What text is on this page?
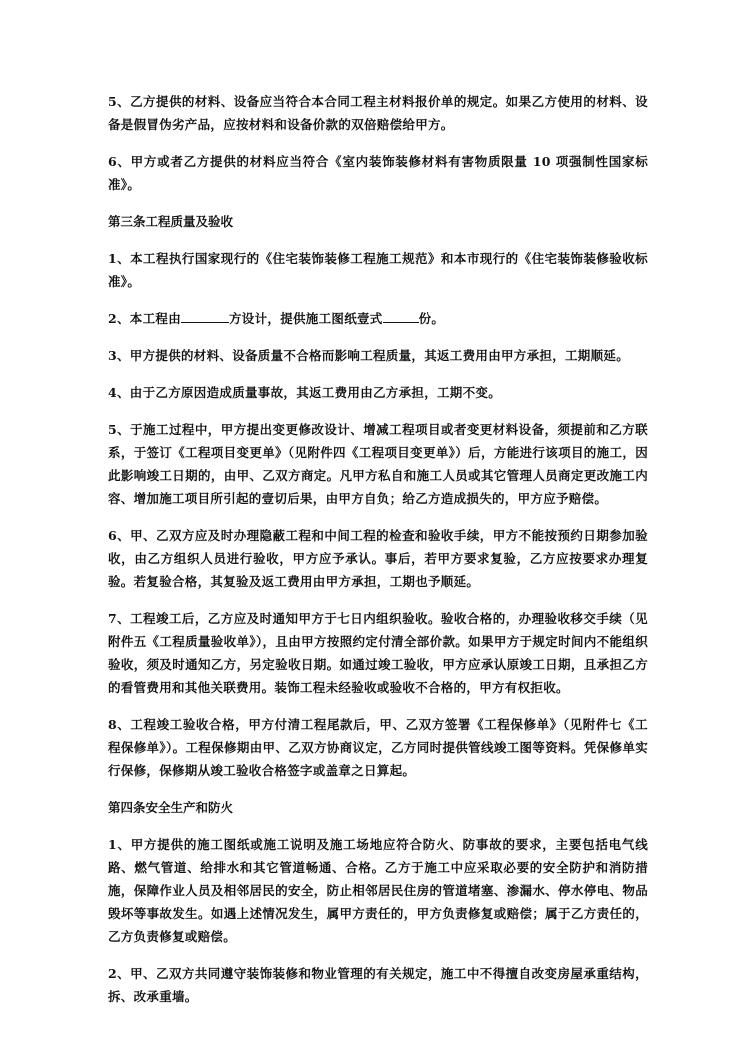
5、乙方提供的材料、设备应当符合本合同工程主材料报价单的规定。如果乙方使用的材料、设备是假冒伪劣产品，应按材料和设备价款的双倍赔偿给甲方。

6、甲方或者乙方提供的材料应当符合《室内装饰装修材料有害物质限量 10 项强制性国家标准》。

第三条工程质量及验收

1、本工程执行国家现行的《住宅装饰装修工程施工规范》和本市现行的《住宅装饰装修验收标准》。

2、本工程由	方设计，提供施工图纸壹式	份。

3、甲方提供的材料、设备质量不合格而影响工程质量，其返工费用由甲方承担，工期顺延。

4、由于乙方原因造成质量事故，其返工费用由乙方承担，工期不变。

5、于施工过程中，甲方提出变更修改设计、增减工程项目或者变更材料设备，须提前和乙方联系，于签订《工程项目变更单》（见附件四《工程项目变更单》）后，方能进行该项目的施工，因此影响竣工日期的，由甲、乙双方商定。凡甲方私自和施工人员或其它管理人员商定更改施工内容、增加施工项目所引起的壹切后果，由甲方自负；给乙方造成损失的，甲方应予赔偿。

6、甲、乙双方应及时办理隐蔽工程和中间工程的检查和验收手续，甲方不能按预约日期参加验收，由乙方组织人员进行验收，甲方应予承认。事后，若甲方要求复验，乙方应按要求办理复验。若复验合格，其复验及返工费用由甲方承担，工期也予顺延。

7、工程竣工后，乙方应及时通知甲方于七日内组织验收。验收合格的，办理验收移交手续（见附件五《工程质量验收单》），且由甲方按照约定付清全部价款。如果甲方于规定时间内不能组织验收，须及时通知乙方，另定验收日期。如通过竣工验收，甲方应承认原竣工日期，且承担乙方的看管费用和其他关联费用。装饰工程未经验收或验收不合格的，甲方有权拒收。

8、工程竣工验收合格，甲方付清工程尾款后，甲、乙双方签署《工程保修单》（见附件七《工程保修单》）。工程保修期由甲、乙双方协商议定，乙方同时提供管线竣工图等资料。凭保修单实行保修，保修期从竣工验收合格签字或盖章之日算起。

第四条安全生产和防火

1、甲方提供的施工图纸或施工说明及施工场地应符合防火、防事故的要求，主要包括电气线路、燃气管道、给排水和其它管道畅通、合格。乙方于施工中应采取必要的安全防护和消防措施，保障作业人员及相邻居民的安全，防止相邻居民住房的管道堵塞、渗漏水、停水停电、物品毁坏等事故发生。如遇上述情况发生，属甲方责任的，甲方负责修复或赔偿；属于乙方责任的，乙方负责修复或赔偿。

2、甲、乙双方共同遵守装饰装修和物业管理的有关规定，施工中不得擅自改变房屋承重结构，拆、改承重墙。
